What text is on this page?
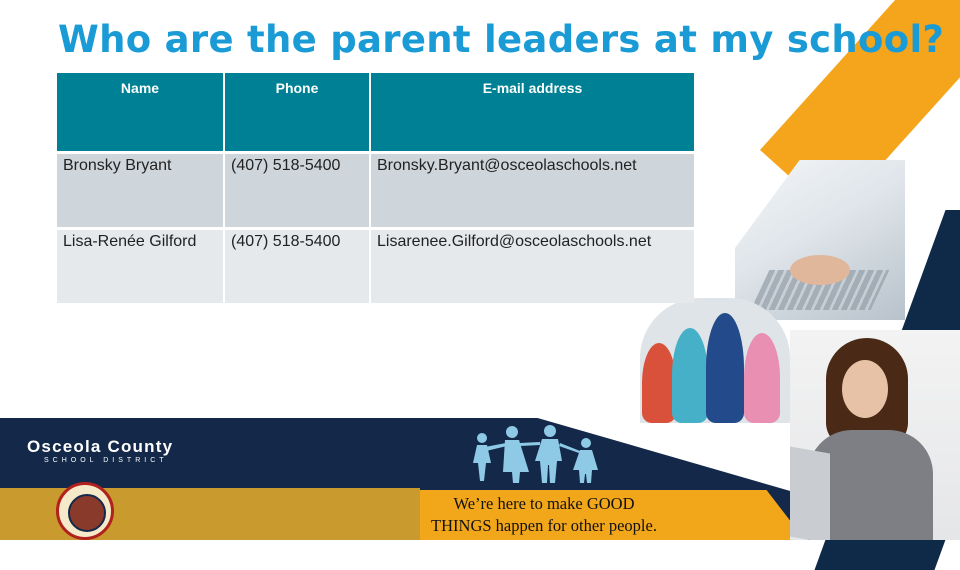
Who are the parent leaders at my school?
Name	Phone	E-mail address
Bronsky Bryant	(407) 518-5400	Bronsky.Bryant@osceolaschools.net
Lisa-Renée Gilford	(407) 518-5400	Lisarenee.Gilford@osceolaschools.net
Osceola County
SCHOOL DISTRICT
We’re here to make GOOD
THINGS happen for other people.
